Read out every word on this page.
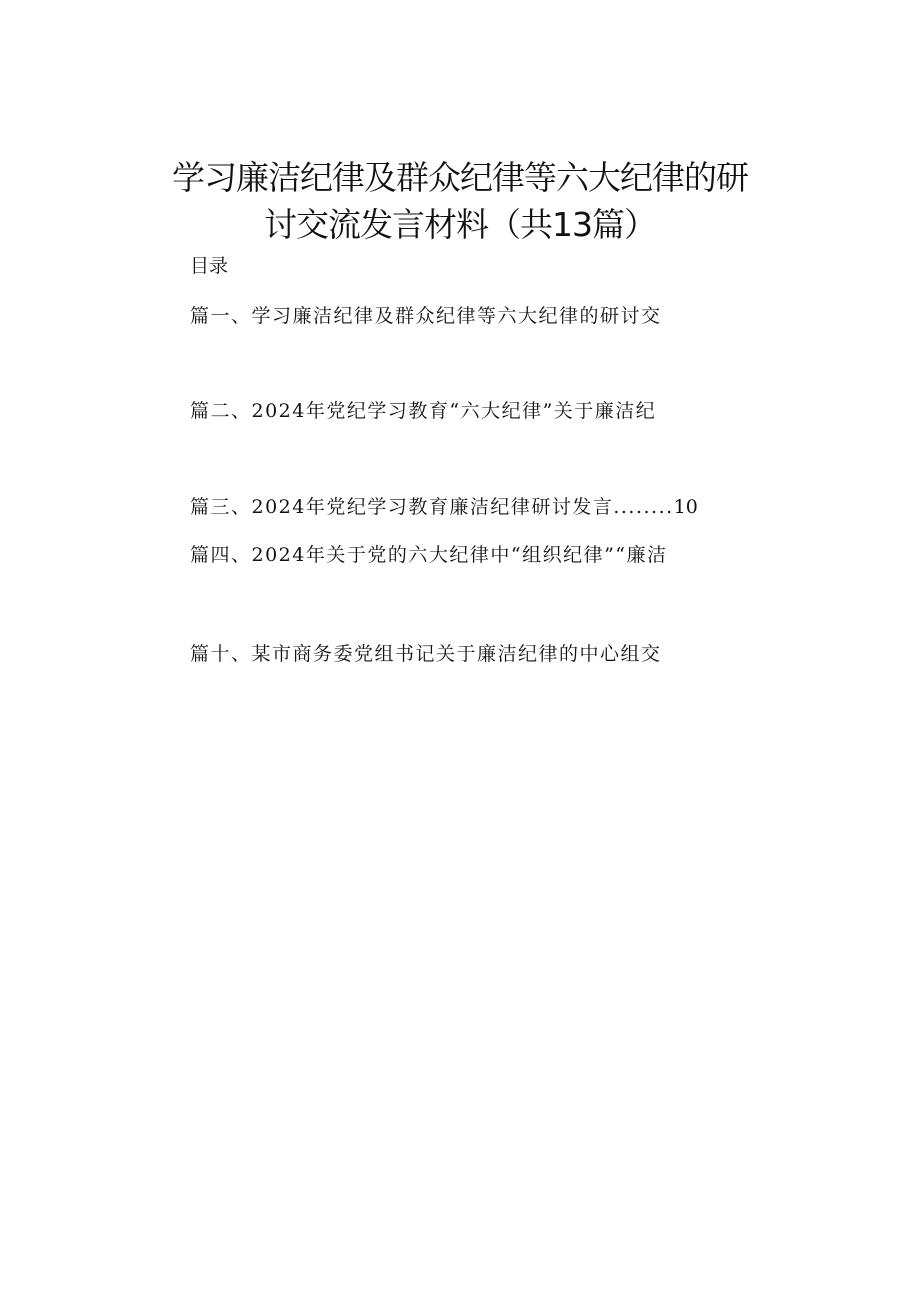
学习廉洁纪律及群众纪律等六大纪律的研
讨交流发言材料（共13篇）
目录
篇一、学习廉洁纪律及群众纪律等六大纪律的研讨交
篇二、2024年党纪学习教育“六大纪律”关于廉洁纪
篇三、2024年党纪学习教育廉洁纪律研讨发言........10
篇四、2024年关于党的六大纪律中“组织纪律”“廉洁
篇十、某市商务委党组书记关于廉洁纪律的中心组交
